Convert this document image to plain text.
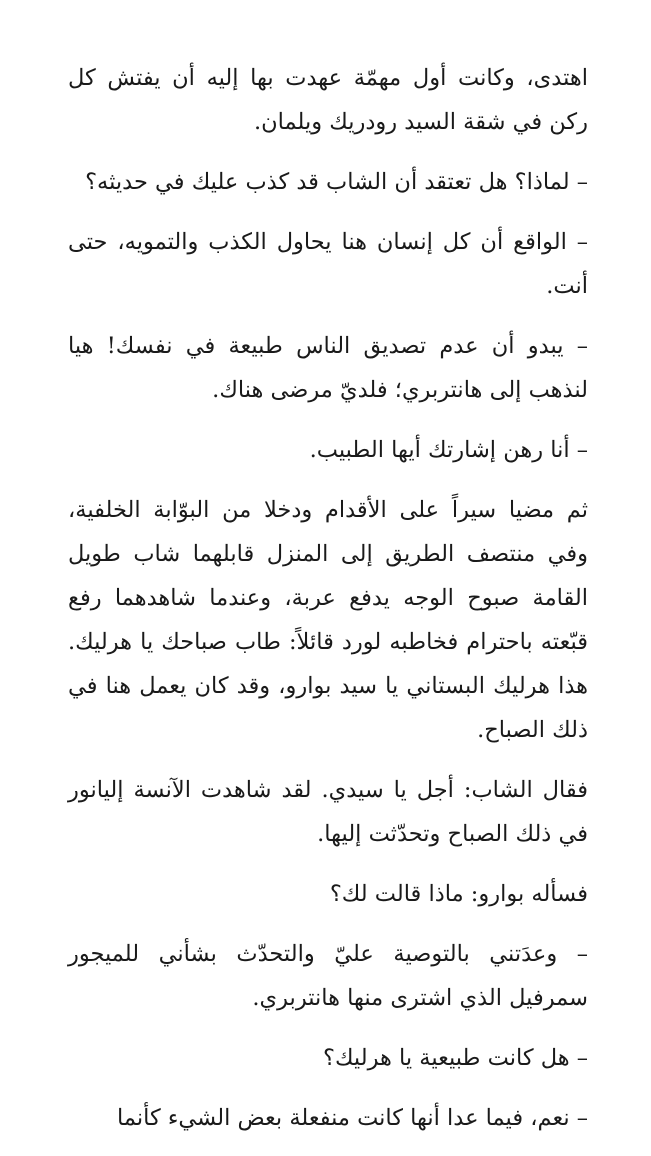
اهتدى، وكانت أول مهمّة عهدت بها إليه أن يفتش كل ركن في شقة السيد رودريك ويلمان.

– لماذا؟ هل تعتقد أن الشاب قد كذب عليك في حديثه؟

– الواقع أن كل إنسان هنا يحاول الكذب والتمويه، حتى أنت.

– يبدو أن عدم تصديق الناس طبيعة في نفسك! هيا لنذهب إلى هانتربري؛ فلديّ مرضى هناك.

– أنا رهن إشارتك أيها الطبيب.

ثم مضيا سيراً على الأقدام ودخلا من البوّابة الخلفية، وفي منتصف الطريق إلى المنزل قابلهما شاب طويل القامة صبوح الوجه يدفع عربة، وعندما شاهدهما رفع قبّعته باحترام فخاطبه لورد قائلاً: طاب صباحك يا هرليك. هذا هرليك البستاني يا سيد بوارو، وقد كان يعمل هنا في ذلك الصباح.

فقال الشاب: أجل يا سيدي. لقد شاهدت الآنسة إليانور في ذلك الصباح وتحدّثت إليها.

فسأله بوارو: ماذا قالت لك؟

– وعدَتني بالتوصية عليّ والتحدّث بشأني للميجور سمرفيل الذي اشترى منها هانتربري.

– هل كانت طبيعية يا هرليك؟

– نعم، فيما عدا أنها كانت منفعلة بعض الشيء كأنما
